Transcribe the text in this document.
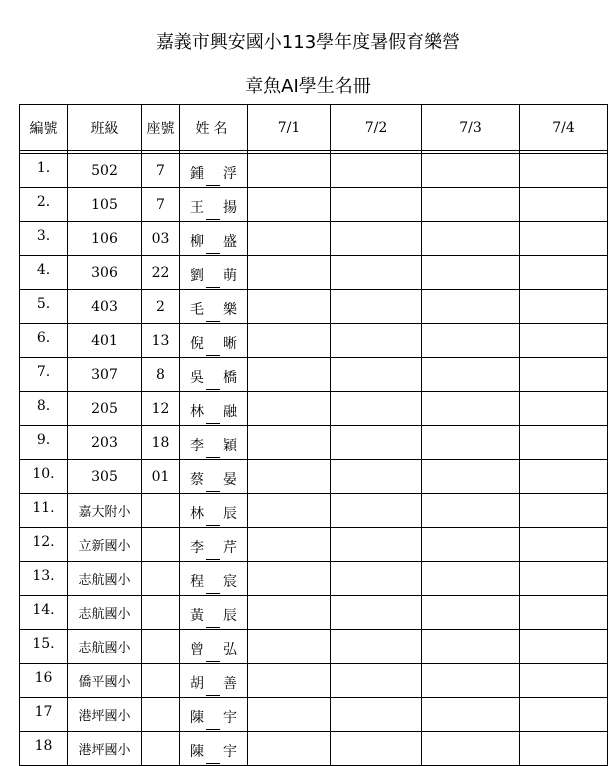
嘉義市興安國小113學年度暑假育樂營
章魚AI學生名冊
編號	班級	座號	姓名	7/1	7/2	7/3	7/4

1.	502	7	鍾 浮				

2.	105	7	王 揚				

3.	106	03	柳 盛				

4.	306	22	劉 萌				

5.	403	2	毛 樂				

6.	401	13	倪 晰				

7.	307	8	吳 橋				

8.	205	12	林 融				

9.	203	18	李 穎				

10.	305	01	蔡 晏				

11.	嘉大附小		林 辰				

12.	立新國小		李 芹				

13.	志航國小		程 宸				

14.	志航國小		黃 辰				

15.	志航國小		曾 弘				

16	僑平國小		胡 善				

17	港坪國小		陳 宇				

18	港坪國小		陳 宇				
